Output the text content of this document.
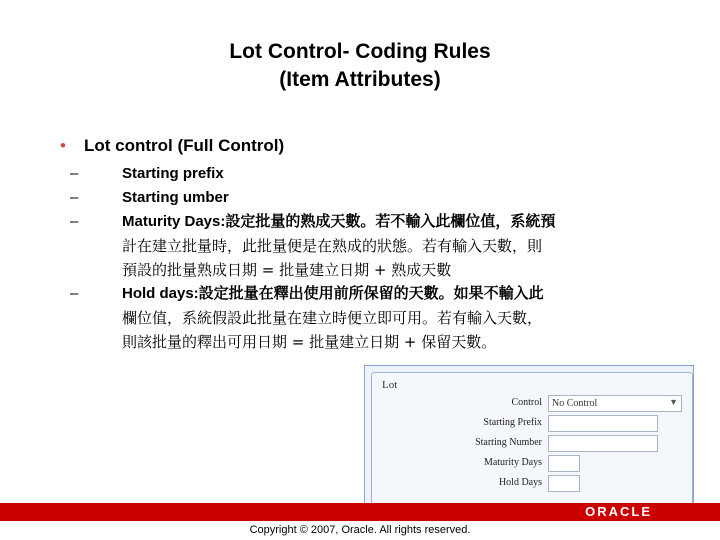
Lot Control- Coding Rules
(Item Attributes)
• Lot control (Full Control)
–	Starting prefix
–	Starting umber
–	Maturity Days:設定批量的熟成天數。若不輸入此欄位值，系統預
計在建立批量時，此批量便是在熟成的狀態。若有輸入天數，則
預設的批量熟成日期 = 批量建立日期 + 熟成天數
–	Hold days:設定批量在釋出使用前所保留的天數。如果不輸入此
欄位值，系統假設此批量在建立時便立即可用。若有輸入天數，
則該批量的釋出可用日期 = 批量建立日期 + 保留天數。
Lot
Control	No Control	▼
Starting Prefix
Starting Number
Maturity Days
Hold Days
ORACLE
Copyright © 2007, Oracle. All rights reserved.
